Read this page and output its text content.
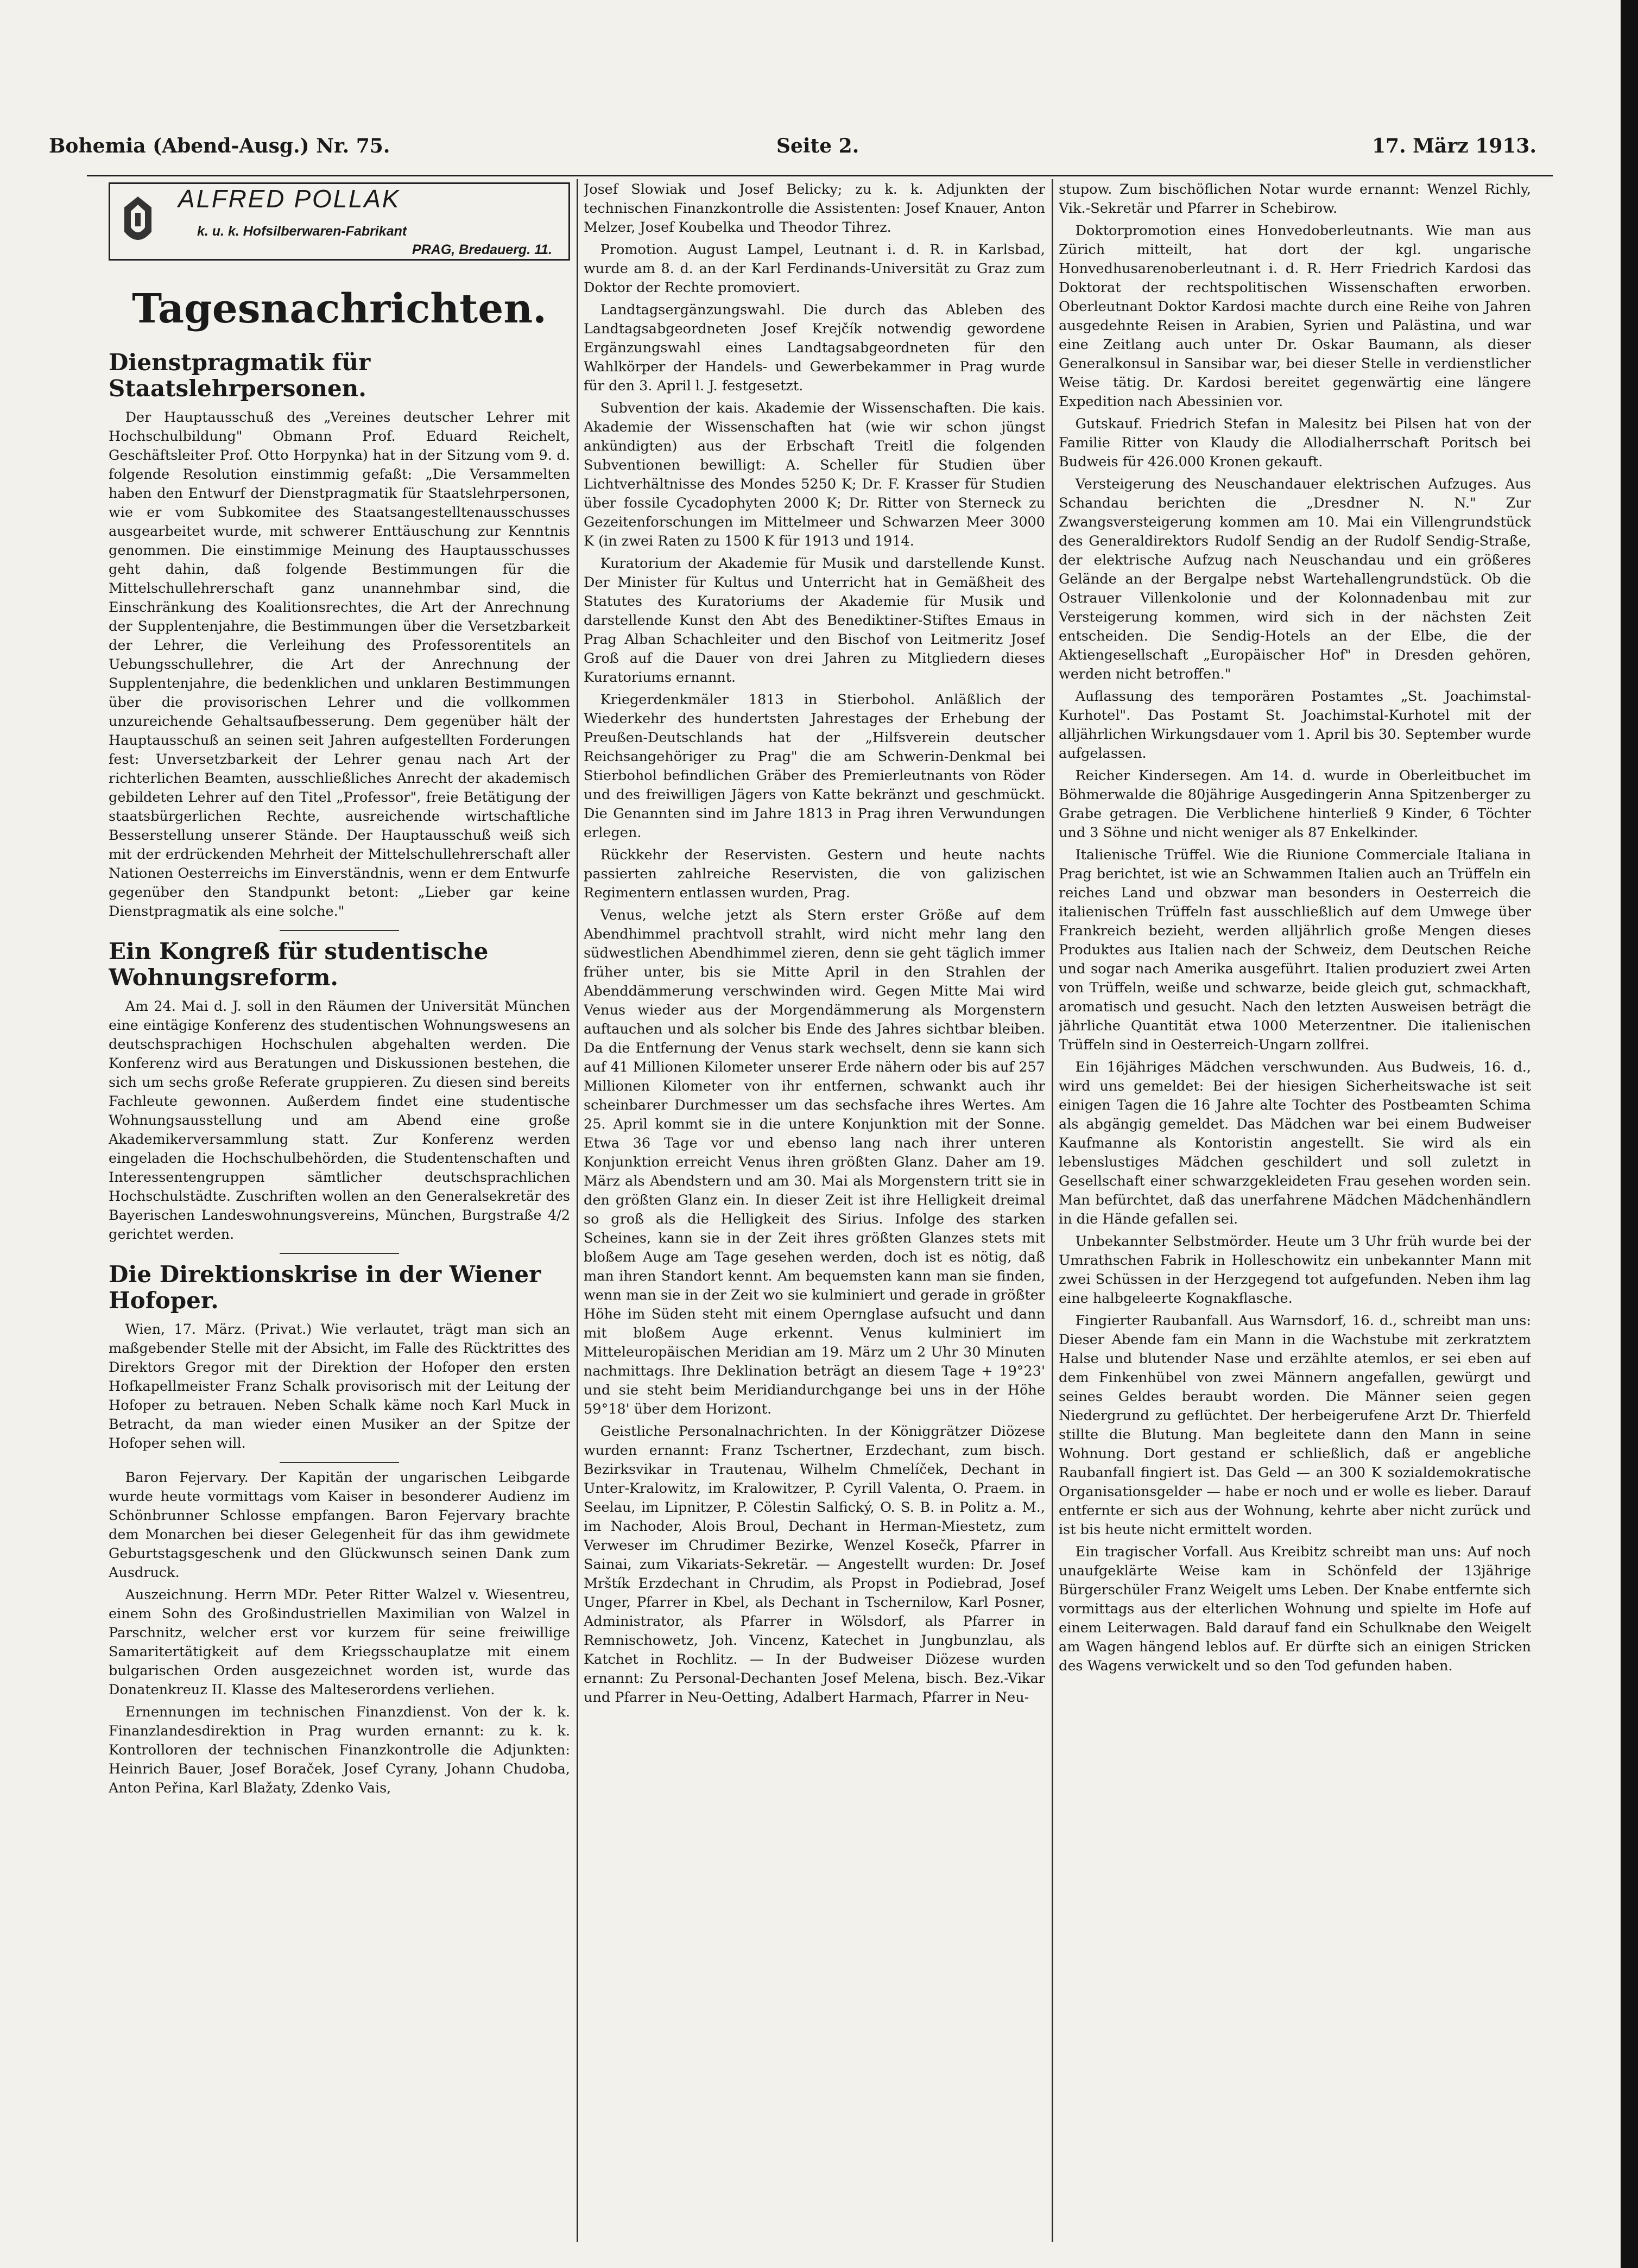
Bohemia (Abend-Ausg.) Nr. 75.	Seite 2.	17. März 1913.
ALFRED POLLAK
k. u. k. Hofsilberwaren-Fabrikant
PRAG, Bredauerg. 11.
Tagesnachrichten.
Dienstpragmatik für Staatslehrpersonen.

Der Hauptausschuß des „Vereines deutscher Lehrer mit Hochschulbildung" Obmann Prof. Eduard Reichelt, Geschäftsleiter Prof. Otto Horpynka) hat in der Sitzung vom 9. d. folgende Resolution einstimmig gefaßt: „Die Versammelten haben den Entwurf der Dienstpragmatik für Staatslehrpersonen, wie er vom Subkomitee des Staatsangestelltenausschusses ausgearbeitet wurde, mit schwerer Enttäuschung zur Kenntnis genommen. Die einstimmige Meinung des Hauptausschusses geht dahin, daß folgende Bestimmungen für die Mittelschullehrerschaft ganz unannehmbar sind, die Einschränkung des Koalitionsrechtes, die Art der Anrechnung der Supplentenjahre, die Bestimmungen über die Versetzbarkeit der Lehrer, die Verleihung des Professorentitels an Uebungsschullehrer, die Art der Anrechnung der Supplentenjahre, die bedenklichen und unklaren Bestimmungen über die provisorischen Lehrer und die vollkommen unzureichende Gehaltsaufbesserung. Dem gegenüber hält der Hauptausschuß an seinen seit Jahren aufgestellten Forderungen fest: Unversetzbarkeit der Lehrer genau nach Art der richterlichen Beamten, ausschließliches Anrecht der akademisch gebildeten Lehrer auf den Titel „Professor", freie Betätigung der staatsbürgerlichen Rechte, ausreichende wirtschaftliche Besserstellung unserer Stände. Der Hauptausschuß weiß sich mit der erdrückenden Mehrheit der Mittelschullehrerschaft aller Nationen Oesterreichs im Einverständnis, wenn er dem Entwurfe gegenüber den Standpunkt betont: „Lieber gar keine Dienstpragmatik als eine solche."

Ein Kongreß für studentische Wohnungsreform.

Am 24. Mai d. J. soll in den Räumen der Universität München eine eintägige Konferenz des studentischen Wohnungswesens an deutschsprachigen Hochschulen abgehalten werden. Die Konferenz wird aus Beratungen und Diskussionen bestehen, die sich um sechs große Referate gruppieren. Zu diesen sind bereits Fachleute gewonnen. Außerdem findet eine studentische Wohnungsausstellung und am Abend eine große Akademikerversammlung statt. Zur Konferenz werden eingeladen die Hochschulbehörden, die Studentenschaften und Interessentengruppen sämtlicher deutschsprachlichen Hochschulstädte. Zuschriften wollen an den Generalsekretär des Bayerischen Landeswohnungsvereins, München, Burgstraße 4/2 gerichtet werden.

Die Direktionskrise in der Wiener Hofoper.

Wien, 17. März. (Privat.) Wie verlautet, trägt man sich an maßgebender Stelle mit der Absicht, im Falle des Rücktrittes des Direktors Gregor mit der Direktion der Hofoper den ersten Hofkapellmeister Franz Schalk provisorisch mit der Leitung der Hofoper zu betrauen. Neben Schalk käme noch Karl Muck in Betracht, da man wieder einen Musiker an der Spitze der Hofoper sehen will.

Baron Fejervary. Der Kapitän der ungarischen Leibgarde wurde heute vormittags vom Kaiser in besonderer Audienz im Schönbrunner Schlosse empfangen. Baron Fejervary brachte dem Monarchen bei dieser Gelegenheit für das ihm gewidmete Geburtstagsgeschenk und den Glückwunsch seinen Dank zum Ausdruck.

Auszeichnung. Herrn MDr. Peter Ritter Walzel v. Wiesentreu, einem Sohn des Großindustriellen Maximilian von Walzel in Parschnitz, welcher erst vor kurzem für seine freiwillige Samaritertätigkeit auf dem Kriegsschauplatze mit einem bulgarischen Orden ausgezeichnet worden ist, wurde das Donatenkreuz II. Klasse des Malteserordens verliehen.

Ernennungen im technischen Finanzdienst. Von der k. k. Finanzlandesdirektion in Prag wurden ernannt: zu k. k. Kontrolloren der technischen Finanzkontrolle die Adjunkten: Heinrich Bauer, Josef Boraček, Josef Cyrany, Johann Chudoba, Anton Peřina, Karl Blažaty, Zdenko Vais,

Josef Slowiak und Josef Belicky; zu k. k. Adjunkten der technischen Finanzkontrolle die Assistenten: Josef Knauer, Anton Melzer, Josef Koubelka und Theodor Tihrez.

Promotion. August Lampel, Leutnant i. d. R. in Karlsbad, wurde am 8. d. an der Karl Ferdinands-Universität zu Graz zum Doktor der Rechte promoviert.

Landtagsergänzungswahl. Die durch das Ableben des Landtagsabgeordneten Josef Krejčík notwendig gewordene Ergänzungswahl eines Landtagsabgeordneten für den Wahlkörper der Handels- und Gewerbekammer in Prag wurde für den 3. April l. J. festgesetzt.

Subvention der kais. Akademie der Wissenschaften. Die kais. Akademie der Wissenschaften hat (wie wir schon jüngst ankündigten) aus der Erbschaft Treitl die folgenden Subventionen bewilligt: A. Scheller für Studien über Lichtverhältnisse des Mondes 5250 K; Dr. F. Krasser für Studien über fossile Cycadophyten 2000 K; Dr. Ritter von Sterneck zu Gezeitenforschungen im Mittelmeer und Schwarzen Meer 3000 K (in zwei Raten zu 1500 K für 1913 und 1914.

Kuratorium der Akademie für Musik und darstellende Kunst. Der Minister für Kultus und Unterricht hat in Gemäßheit des Statutes des Kuratoriums der Akademie für Musik und darstellende Kunst den Abt des Benediktiner-Stiftes Emaus in Prag Alban Schachleiter und den Bischof von Leitmeritz Josef Groß auf die Dauer von drei Jahren zu Mitgliedern dieses Kuratoriums ernannt.

Kriegerdenkmäler 1813 in Stierbohol. Anläßlich der Wiederkehr des hundertsten Jahrestages der Erhebung der Preußen-Deutschlands hat der „Hilfsverein deutscher Reichsangehöriger zu Prag" die am Schwerin-Denkmal bei Stierbohol befindlichen Gräber des Premierleutnants von Röder und des freiwilligen Jägers von Katte bekränzt und geschmückt. Die Genannten sind im Jahre 1813 in Prag ihren Verwundungen erlegen.

Rückkehr der Reservisten. Gestern und heute nachts passierten zahlreiche Reservisten, die von galizischen Regimentern entlassen wurden, Prag.

Venus, welche jetzt als Stern erster Größe auf dem Abendhimmel prachtvoll strahlt, wird nicht mehr lang den südwestlichen Abendhimmel zieren, denn sie geht täglich immer früher unter, bis sie Mitte April in den Strahlen der Abenddämmerung verschwinden wird. Gegen Mitte Mai wird Venus wieder aus der Morgendämmerung als Morgenstern auftauchen und als solcher bis Ende des Jahres sichtbar bleiben. Da die Entfernung der Venus stark wechselt, denn sie kann sich auf 41 Millionen Kilometer unserer Erde nähern oder bis auf 257 Millionen Kilometer von ihr entfernen, schwankt auch ihr scheinbarer Durchmesser um das sechsfache ihres Wertes. Am 25. April kommt sie in die untere Konjunktion mit der Sonne. Etwa 36 Tage vor und ebenso lang nach ihrer unteren Konjunktion erreicht Venus ihren größten Glanz. Daher am 19. März als Abendstern und am 30. Mai als Morgenstern tritt sie in den größten Glanz ein. In dieser Zeit ist ihre Helligkeit dreimal so groß als die Helligkeit des Sirius. Infolge des starken Scheines, kann sie in der Zeit ihres größten Glanzes stets mit bloßem Auge am Tage gesehen werden, doch ist es nötig, daß man ihren Standort kennt. Am bequemsten kann man sie finden, wenn man sie in der Zeit wo sie kulminiert und gerade in größter Höhe im Süden steht mit einem Opernglase aufsucht und dann mit bloßem Auge erkennt. Venus kulminiert im Mitteleuropäischen Meridian am 19. März um 2 Uhr 30 Minuten nachmittags. Ihre Deklination beträgt an diesem Tage + 19°23' und sie steht beim Meridiandurchgange bei uns in der Höhe 59°18' über dem Horizont.

Geistliche Personalnachrichten. In der Königgrätzer Diözese wurden ernannt: Franz Tschertner, Erzdechant, zum bisch. Bezirksvikar in Trautenau, Wilhelm Chmelíček, Dechant in Unter-Kralowitz, im Kralowitzer, P. Cyrill Valenta, O. Praem. in Seelau, im Lipnitzer, P. Cölestin Salfický, O. S. B. in Politz a. M., im Nachoder, Alois Broul, Dechant in Herman-Miestetz, zum Verweser im Chrudimer Bezirke, Wenzel Kosečk, Pfarrer in Sainai, zum Vikariats-Sekretär. — Angestellt wurden: Dr. Josef Mrštík Erzdechant in Chrudim, als Propst in Podiebrad, Josef Unger, Pfarrer in Kbel, als Dechant in Tschernilow, Karl Posner, Administrator, als Pfarrer in Wölsdorf, als Pfarrer in Remnischowetz, Joh. Vincenz, Katechet in Jungbunzlau, als Katchet in Rochlitz. — In der Budweiser Diözese wurden ernannt: Zu Personal-Dechanten Josef Melena, bisch. Bez.-Vikar und Pfarrer in Neu-Oetting, Adalbert Harmach, Pfarrer in Neu-

stupow. Zum bischöflichen Notar wurde ernannt: Wenzel Richly, Vik.-Sekretär und Pfarrer in Schebirow.

Doktorpromotion eines Honvedoberleutnants. Wie man aus Zürich mitteilt, hat dort der kgl. ungarische Honvedhusarenoberleutnant i. d. R. Herr Friedrich Kardosi das Doktorat der rechtspolitischen Wissenschaften erworben. Oberleutnant Doktor Kardosi machte durch eine Reihe von Jahren ausgedehnte Reisen in Arabien, Syrien und Palästina, und war eine Zeitlang auch unter Dr. Oskar Baumann, als dieser Generalkonsul in Sansibar war, bei dieser Stelle in verdienstlicher Weise tätig. Dr. Kardosi bereitet gegenwärtig eine längere Expedition nach Abessinien vor.

Gutskauf. Friedrich Stefan in Malesitz bei Pilsen hat von der Familie Ritter von Klaudy die Allodialherrschaft Poritsch bei Budweis für 426.000 Kronen gekauft.

Versteigerung des Neuschandauer elektrischen Aufzuges. Aus Schandau berichten die „Dresdner N. N." Zur Zwangsversteigerung kommen am 10. Mai ein Villengrundstück des Generaldirektors Rudolf Sendig an der Rudolf Sendig-Straße, der elektrische Aufzug nach Neuschandau und ein größeres Gelände an der Bergalpe nebst Wartehallengrundstück. Ob die Ostrauer Villenkolonie und der Kolonnadenbau mit zur Versteigerung kommen, wird sich in der nächsten Zeit entscheiden. Die Sendig-Hotels an der Elbe, die der Aktiengesellschaft „Europäischer Hof" in Dresden gehören, werden nicht betroffen."

Auflassung des temporären Postamtes „St. Joachimstal-Kurhotel". Das Postamt St. Joachimstal-Kurhotel mit der alljährlichen Wirkungsdauer vom 1. April bis 30. September wurde aufgelassen.

Reicher Kindersegen. Am 14. d. wurde in Oberleitbuchet im Böhmerwalde die 80jährige Ausgedingerin Anna Spitzenberger zu Grabe getragen. Die Verblichene hinterließ 9 Kinder, 6 Töchter und 3 Söhne und nicht weniger als 87 Enkelkinder.

Italienische Trüffel. Wie die Riunione Commerciale Italiana in Prag berichtet, ist wie an Schwammen Italien auch an Trüffeln ein reiches Land und obzwar man besonders in Oesterreich die italienischen Trüffeln fast ausschließlich auf dem Umwege über Frankreich bezieht, werden alljährlich große Mengen dieses Produktes aus Italien nach der Schweiz, dem Deutschen Reiche und sogar nach Amerika ausgeführt. Italien produziert zwei Arten von Trüffeln, weiße und schwarze, beide gleich gut, schmackhaft, aromatisch und gesucht. Nach den letzten Ausweisen beträgt die jährliche Quantität etwa 1000 Meterzentner. Die italienischen Trüffeln sind in Oesterreich-Ungarn zollfrei.

Ein 16jähriges Mädchen verschwunden. Aus Budweis, 16. d., wird uns gemeldet: Bei der hiesigen Sicherheitswache ist seit einigen Tagen die 16 Jahre alte Tochter des Postbeamten Schima als abgängig gemeldet. Das Mädchen war bei einem Budweiser Kaufmanne als Kontoristin angestellt. Sie wird als ein lebenslustiges Mädchen geschildert und soll zuletzt in Gesellschaft einer schwarzgekleideten Frau gesehen worden sein. Man befürchtet, daß das unerfahrene Mädchen Mädchenhändlern in die Hände gefallen sei.

Unbekannter Selbstmörder. Heute um 3 Uhr früh wurde bei der Umrathschen Fabrik in Holleschowitz ein unbekannter Mann mit zwei Schüssen in der Herzgegend tot aufgefunden. Neben ihm lag eine halbgeleerte Kognakflasche.

Fingierter Raubanfall. Aus Warnsdorf, 16. d., schreibt man uns: Dieser Abende fam ein Mann in die Wachstube mit zerkratztem Halse und blutender Nase und erzählte atemlos, er sei eben auf dem Finkenhübel von zwei Männern angefallen, gewürgt und seines Geldes beraubt worden. Die Männer seien gegen Niedergrund zu geflüchtet. Der herbeigerufene Arzt Dr. Thierfeld stillte die Blutung. Man begleitete dann den Mann in seine Wohnung. Dort gestand er schließlich, daß er angebliche Raubanfall fingiert ist. Das Geld — an 300 K sozialdemokratische Organisationsgelder — habe er noch und er wolle es lieber. Darauf entfernte er sich aus der Wohnung, kehrte aber nicht zurück und ist bis heute nicht ermittelt worden.

Ein tragischer Vorfall. Aus Kreibitz schreibt man uns: Auf noch unaufgeklärte Weise kam in Schönfeld der 13jährige Bürgerschüler Franz Weigelt ums Leben. Der Knabe entfernte sich vormittags aus der elterlichen Wohnung und spielte im Hofe auf einem Leiterwagen. Bald darauf fand ein Schulknabe den Weigelt am Wagen hängend leblos auf. Er dürfte sich an einigen Stricken des Wagens verwickelt und so den Tod gefunden haben.
